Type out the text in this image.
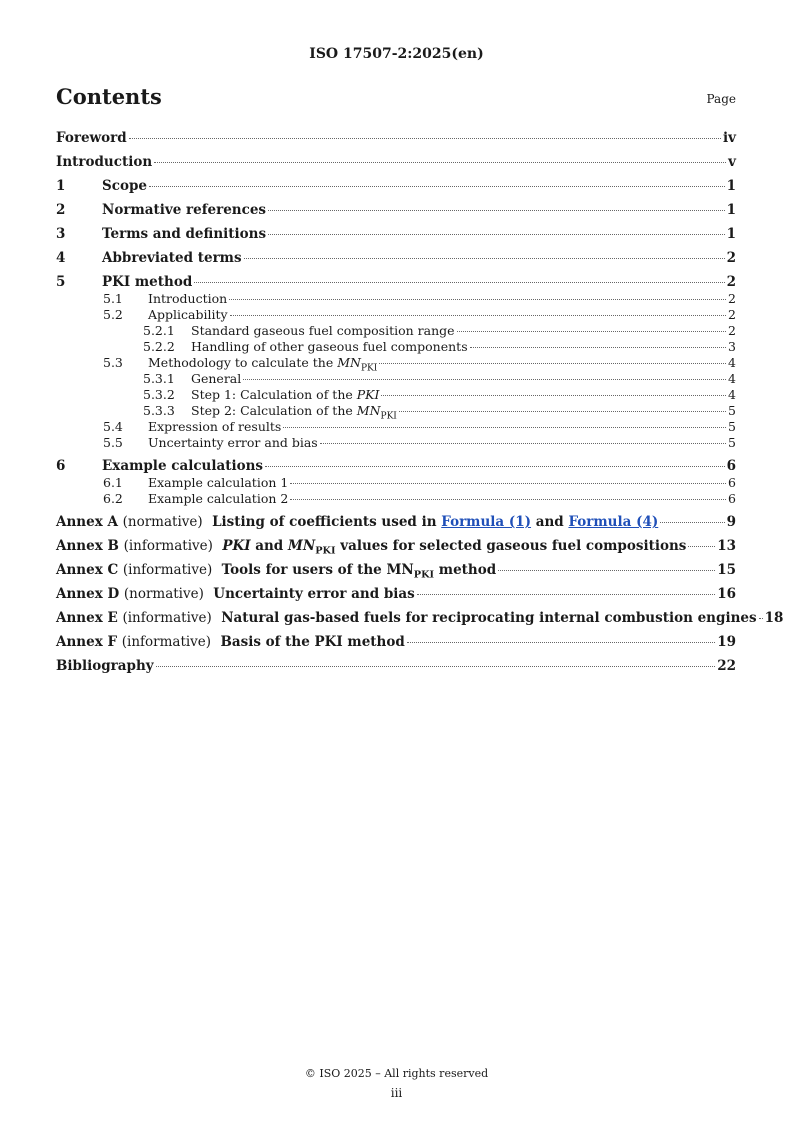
ISO 17507-2:2025(en)
Contents	Page
Foreword	iv
Introduction	v
1	Scope	1
2	Normative references	1
3	Terms and definitions	1
4	Abbreviated terms	2
5	PKI method	2
5.1	Introduction	2
5.2	Applicability	2
5.2.1	Standard gaseous fuel composition range	2
5.2.2	Handling of other gaseous fuel components	3
5.3	Methodology to calculate the $MN_{PKI}$	4
5.3.1	General	4
5.3.2	Step 1: Calculation of the PKI	4
5.3.3	Step 2: Calculation of the $MN_{PKI}$	5
5.4	Expression of results	5
5.5	Uncertainty error and bias	5
6	Example calculations	6
6.1	Example calculation 1	6
6.2	Example calculation 2	6
Annex A (normative) Listing of coefficients used in Formula (1) and Formula (4)	9
Annex B (informative) PKI and $MN_{PKI}$ values for selected gaseous fuel compositions 13
Annex C (informative) Tools for users of the $MN_{PKI}$ method	15
Annex D (normative) Uncertainty error and bias	16
Annex E (informative) Natural gas-based fuels for reciprocating internal combustion engines 18
Annex F (informative) Basis of the PKI method	19
Bibliography	22
© ISO 2025 – All rights reserved
iii
